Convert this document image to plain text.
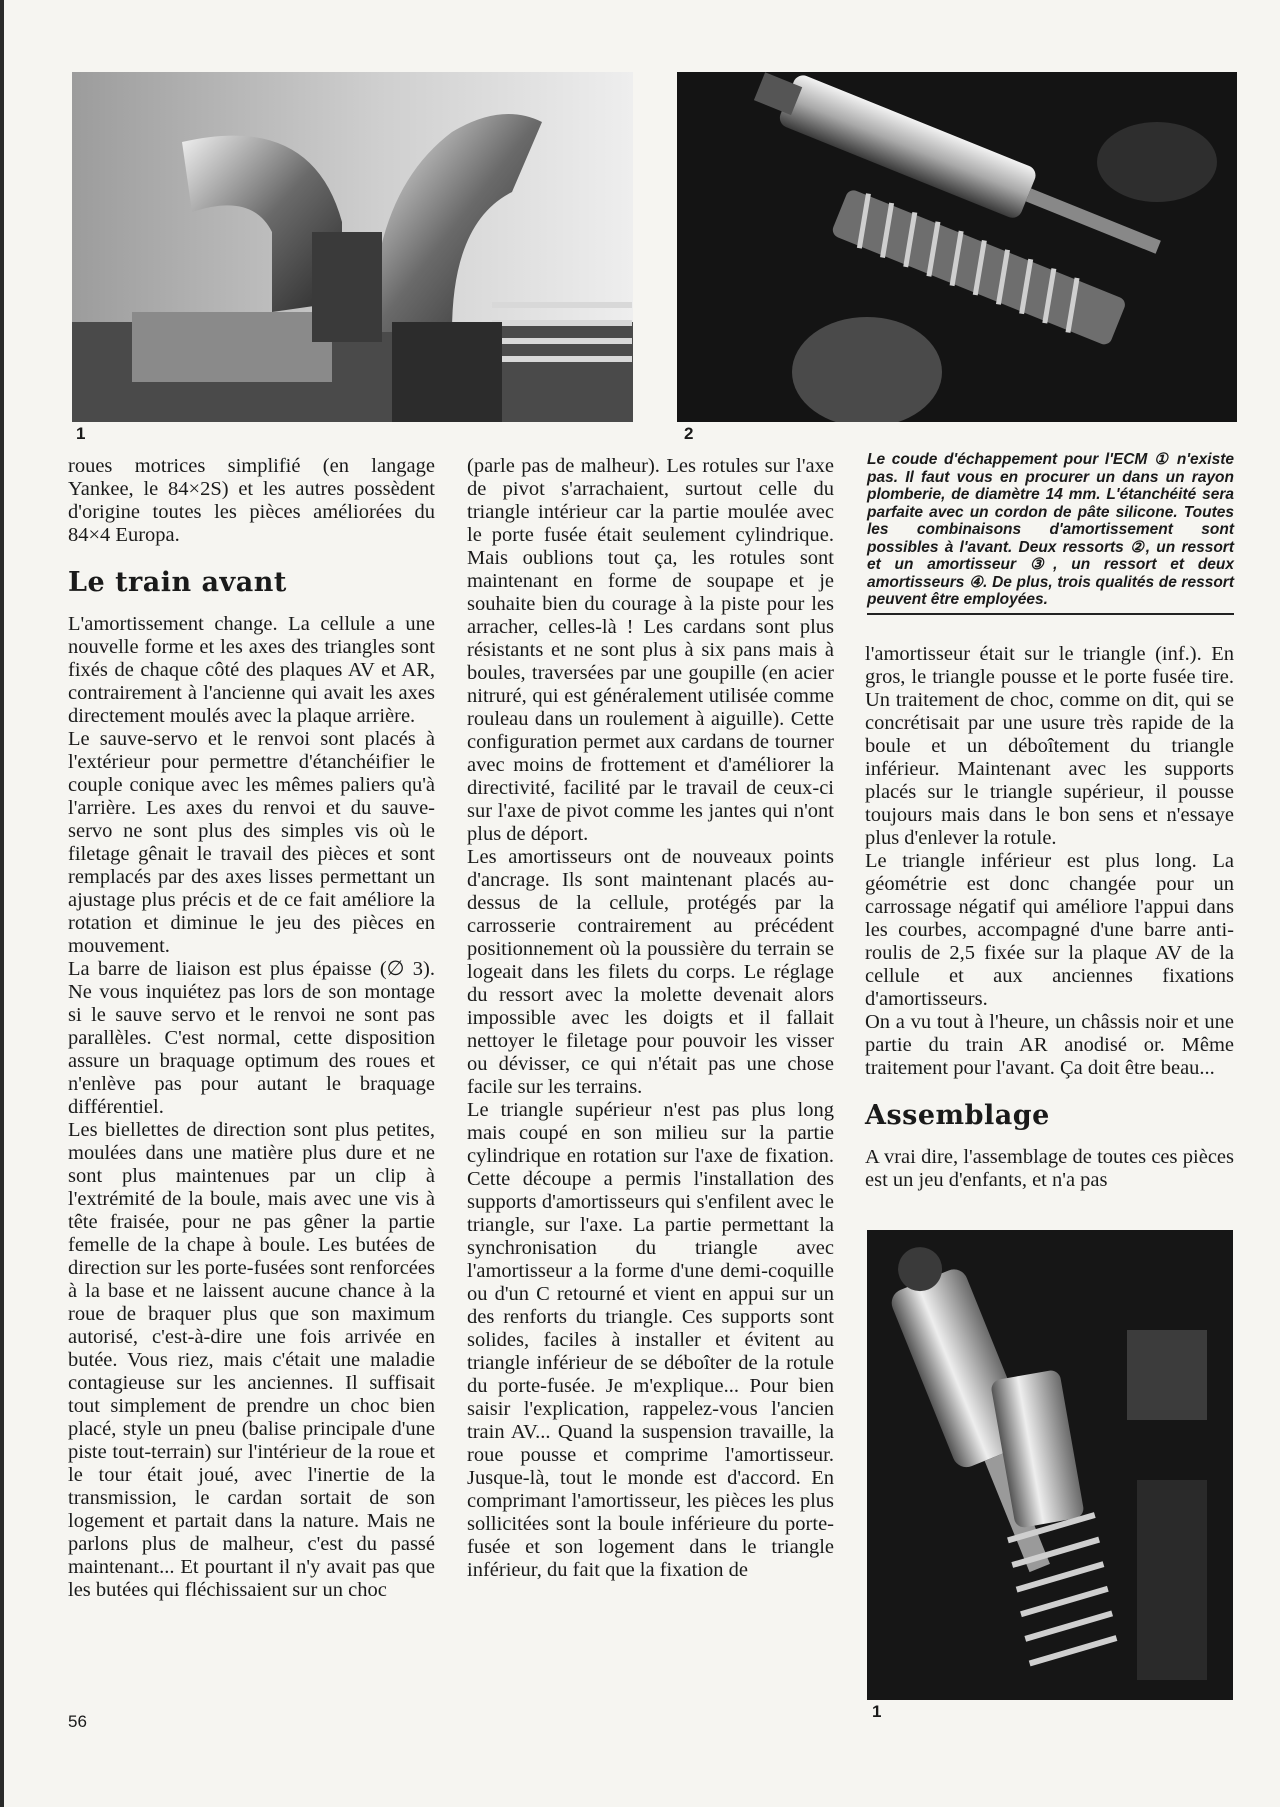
1	2

roues motrices simplifié (en langage Yankee, le 84×2S) et les autres possèdent d'origine toutes les pièces améliorées du 84×4 Europa.

Le train avant

L'amortissement change. La cellule a une nouvelle forme et les axes des triangles sont fixés de chaque côté des plaques AV et AR, contrairement à l'ancienne qui avait les axes directement moulés avec la plaque arrière.

Le sauve-servo et le renvoi sont placés à l'extérieur pour permettre d'étanchéifier le couple conique avec les mêmes paliers qu'à l'arrière. Les axes du renvoi et du sauve-servo ne sont plus des simples vis où le filetage gênait le travail des pièces et sont remplacés par des axes lisses permettant un ajustage plus précis et de ce fait améliore la rotation et diminue le jeu des pièces en mouvement.

La barre de liaison est plus épaisse (∅ 3). Ne vous inquiétez pas lors de son montage si le sauve servo et le renvoi ne sont pas parallèles. C'est normal, cette disposition assure un braquage optimum des roues et n'enlève pas pour autant le braquage différentiel.

Les biellettes de direction sont plus petites, moulées dans une matière plus dure et ne sont plus maintenues par un clip à l'extrémité de la boule, mais avec une vis à tête fraisée, pour ne pas gêner la partie femelle de la chape à boule. Les butées de direction sur les porte-fusées sont renforcées à la base et ne laissent aucune chance à la roue de braquer plus que son maximum autorisé, c'est-à-dire une fois arrivée en butée. Vous riez, mais c'était une maladie contagieuse sur les anciennes. Il suffisait tout simplement de prendre un choc bien placé, style un pneu (balise principale d'une piste tout-terrain) sur l'intérieur de la roue et le tour était joué, avec l'inertie de la transmission, le cardan sortait de son logement et partait dans la nature. Mais ne parlons plus de malheur, c'est du passé maintenant... Et pourtant il n'y avait pas que les butées qui fléchissaient sur un choc

(parle pas de malheur). Les rotules sur l'axe de pivot s'arrachaient, surtout celle du triangle intérieur car la partie moulée avec le porte fusée était seulement cylindrique. Mais oublions tout ça, les rotules sont maintenant en forme de soupape et je souhaite bien du courage à la piste pour les arracher, celles-là ! Les cardans sont plus résistants et ne sont plus à six pans mais à boules, traversées par une goupille (en acier nitruré, qui est généralement utilisée comme rouleau dans un roulement à aiguille). Cette configuration permet aux cardans de tourner avec moins de frottement et d'améliorer la directivité, facilité par le travail de ceux-ci sur l'axe de pivot comme les jantes qui n'ont plus de déport.

Les amortisseurs ont de nouveaux points d'ancrage. Ils sont maintenant placés au-dessus de la cellule, protégés par la carrosserie contrairement au précédent positionnement où la poussière du terrain se logeait dans les filets du corps. Le réglage du ressort avec la molette devenait alors impossible avec les doigts et il fallait nettoyer le filetage pour pouvoir les visser ou dévisser, ce qui n'était pas une chose facile sur les terrains.

Le triangle supérieur n'est pas plus long mais coupé en son milieu sur la partie cylindrique en rotation sur l'axe de fixation. Cette découpe a permis l'installation des supports d'amortisseurs qui s'enfilent avec le triangle, sur l'axe. La partie permettant la synchronisation du triangle avec l'amortisseur a la forme d'une demi-coquille ou d'un C retourné et vient en appui sur un des renforts du triangle. Ces supports sont solides, faciles à installer et évitent au triangle inférieur de se déboîter de la rotule du porte-fusée. Je m'explique... Pour bien saisir l'explication, rappelez-vous l'ancien train AV... Quand la suspension travaille, la roue pousse et comprime l'amortisseur. Jusque-là, tout le monde est d'accord. En comprimant l'amortisseur, les pièces les plus sollicitées sont la boule inférieure du porte-fusée et son logement dans le triangle inférieur, du fait que la fixation de

Le coude d'échappement pour l'ECM ① n'existe pas. Il faut vous en procurer un dans un rayon plomberie, de diamètre 14 mm. L'étanchéité sera parfaite avec un cordon de pâte silicone. Toutes les combinaisons d'amortissement sont possibles à l'avant. Deux ressorts ②, un ressort et un amortisseur ③, un ressort et deux amortisseurs ④. De plus, trois qualités de ressort peuvent être employées.

l'amortisseur était sur le triangle (inf.). En gros, le triangle pousse et le porte fusée tire. Un traitement de choc, comme on dit, qui se concrétisait par une usure très rapide de la boule et un déboîtement du triangle inférieur. Maintenant avec les supports placés sur le triangle supérieur, il pousse toujours mais dans le bon sens et n'essaye plus d'enlever la rotule.

Le triangle inférieur est plus long. La géométrie est donc changée pour un carrossage négatif qui améliore l'appui dans les courbes, accompagné d'une barre anti-roulis de 2,5 fixée sur la plaque AV de la cellule et aux anciennes fixations d'amortisseurs.

On a vu tout à l'heure, un châssis noir et une partie du train AR anodisé or. Même traitement pour l'avant. Ça doit être beau...

Assemblage

A vrai dire, l'assemblage de toutes ces pièces est un jeu d'enfants, et n'a pas

1
56
